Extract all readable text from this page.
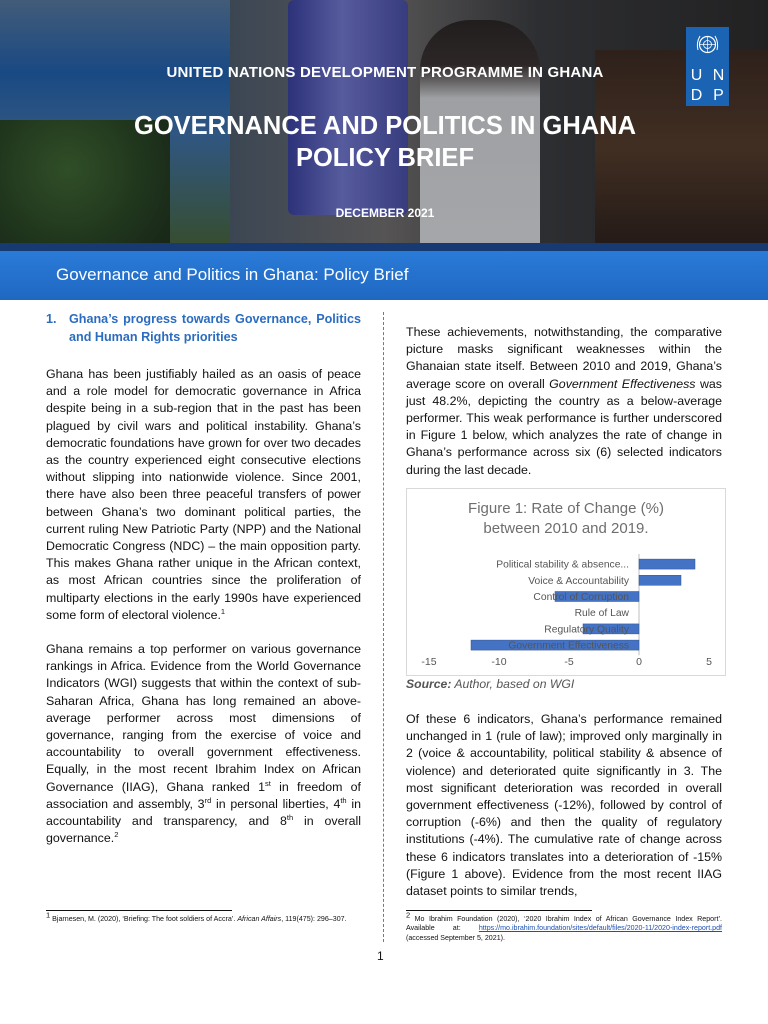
UNITED NATIONS DEVELOPMENT PROGRAMME IN GHANA
GOVERNANCE AND POLITICS IN GHANA
POLICY BRIEF
DECEMBER 2021
U N
D P
Governance and Politics in Ghana: Policy Brief
1. Ghana’s progress towards Governance, Politics and Human Rights priorities

Ghana has been justifiably hailed as an oasis of peace and a role model for democratic governance in Africa despite being in a sub-region that in the past has been plagued by civil wars and political instability. Ghana’s democratic foundations have grown for over two decades as the country experienced eight consecutive elections without slipping into nationwide violence. Since 2001, there have also been three peaceful transfers of power between Ghana’s two dominant political parties, the current ruling New Patriotic Party (NPP) and the National Democratic Congress (NDC) – the main opposition party. This makes Ghana rather unique in the African context, as most African countries since the proliferation of multiparty elections in the early 1990s have experienced some form of electoral violence.$^1$

Ghana remains a top performer on various governance rankings in Africa. Evidence from the World Governance Indicators (WGI) suggests that within the context of sub-Saharan Africa, Ghana has long remained an above-average performer across most dimensions of governance, ranging from the exercise of voice and accountability to overall government effectiveness. Equally, in the most recent Ibrahim Index on African Governance (IIAG), Ghana ranked 1st in freedom of association and assembly, 3rd in personal liberties, 4th in accountability and transparency, and 8th in overall governance.$^2$

These achievements, notwithstanding, the comparative picture masks significant weaknesses within the Ghanaian state itself. Between 2010 and 2019, Ghana’s average score on overall Government Effectiveness was just 48.2%, depicting the country as a below-average performer. This weak performance is further underscored in Figure 1 below, which analyzes the rate of change in Ghana’s performance across six (6) selected indicators during the last decade.

Figure 1: Rate of Change (%)
between 2010 and 2019.
Political stability & absence...
Voice & Accountability
Control of Corruption
Rule of Law
Regulatory Quality
Government Effectiveness
-15	-10	-5	0	5
Source: Author, based on WGI

Of these 6 indicators, Ghana’s performance remained unchanged in 1 (rule of law); improved only marginally in 2 (voice & accountability, political stability & absence of violence) and deteriorated quite significantly in 3. The most significant deterioration was recorded in overall government effectiveness (-12%), followed by control of corruption (-6%) and then the quality of regulatory institutions (-4%). The cumulative rate of change across these 6 indicators translates into a deterioration of -15% (Figure 1 above). Evidence from the most recent IIAG dataset points to similar trends,

$^1$ Bjarnesen, M. (2020), ‘Briefing: The foot soldiers of Accra’. African Affairs, 119(475): 296–307.	$^2$ Mo Ibrahim Foundation (2020), ‘2020 Ibrahim Index of African Governance Index Report’. Available at: https://mo.ibrahim.foundation/sites/default/files/2020-11/2020-index-report.pdf (accessed September 5, 2021).
1
